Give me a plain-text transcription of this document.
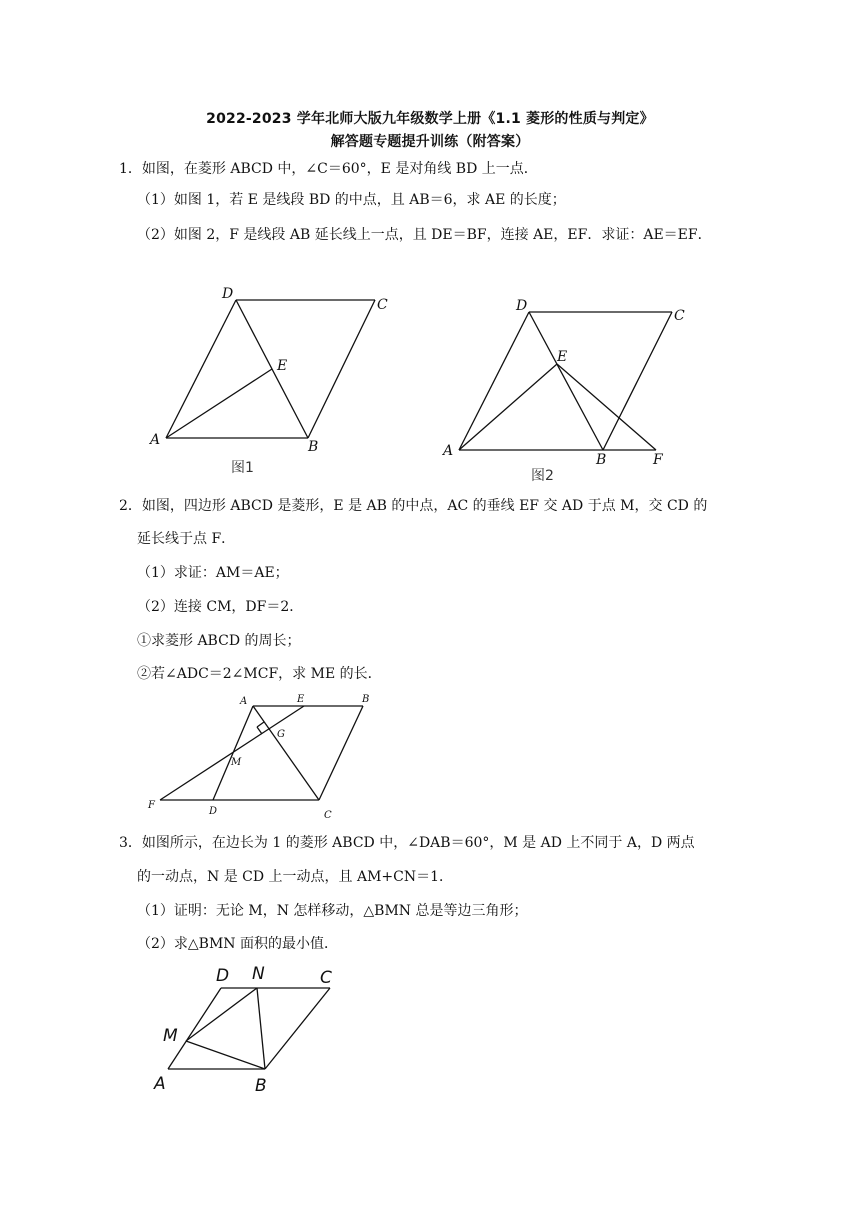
2022-2023 学年北师大版九年级数学上册《1.1 菱形的性质与判定》
解答题专题提升训练（附答案）
1．如图，在菱形 ABCD 中，∠C＝60°，E 是对角线 BD 上一点．
（1）如图 1，若 E 是线段 BD 的中点，且 AB＝6，求 AE 的长度；
（2）如图 2，F 是线段 AB 延长线上一点，且 DE＝BF，连接 AE，EF．求证：AE＝EF．
D
C
E
A	B
图1
D
C
E
A
B	F
图2
A	E	B
G
M
F
D	C
D N	C
M
A	B
2．如图，四边形 ABCD 是菱形，E 是 AB 的中点，AC 的垂线 EF 交 AD 于点 M，交 CD 的
延长线于点 F．
（1）求证：AM＝AE；
（2）连接 CM，DF＝2．
①求菱形 ABCD 的周长；
②若∠ADC＝2∠MCF，求 ME 的长．
3．如图所示，在边长为 1 的菱形 ABCD 中，∠DAB＝60°，M 是 AD 上不同于 A，D 两点
的一动点，N 是 CD 上一动点，且 AM+CN＝1．
（1）证明：无论 M，N 怎样移动，△BMN 总是等边三角形；
（2）求△BMN 面积的最小值．
